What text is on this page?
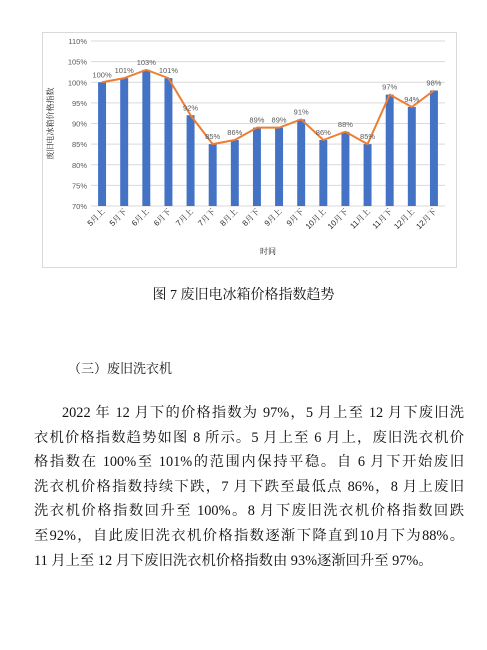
70%
75%
80%
85%
90%
95%
100%
105%
110%
100% 101%
103%
101%
92%
85% 86%
89% 89%
91%
86%
88%
85%
97%
94%
98%
5月上 5月下 6月上 6月下 7月上 7月下 8月上 8月下 9月上 9月下
10月上
10月下
11月上
11月下
12月上
12月下
时间
废旧电冰箱价格指数
图 7 废旧电冰箱价格指数趋势
（三）废旧洗衣机
2022 年 12 月下的价格指数为 97%，5 月上至 12 月下废旧洗
衣机价格指数趋势如图 8 所示。5 月上至 6 月上，废旧洗衣机价
格指数在 100%至 101%的范围内保持平稳。自 6 月下开始废旧
洗衣机价格指数持续下跌，7 月下跌至最低点 86%，8 月上废旧
洗衣机价格指数回升至 100%。8 月下废旧洗衣机价格指数回跌
至92%，自此废旧洗衣机价格指数逐渐下降直到10月下为88%。
11 月上至 12 月下废旧洗衣机价格指数由 93%逐渐回升至 97%。
